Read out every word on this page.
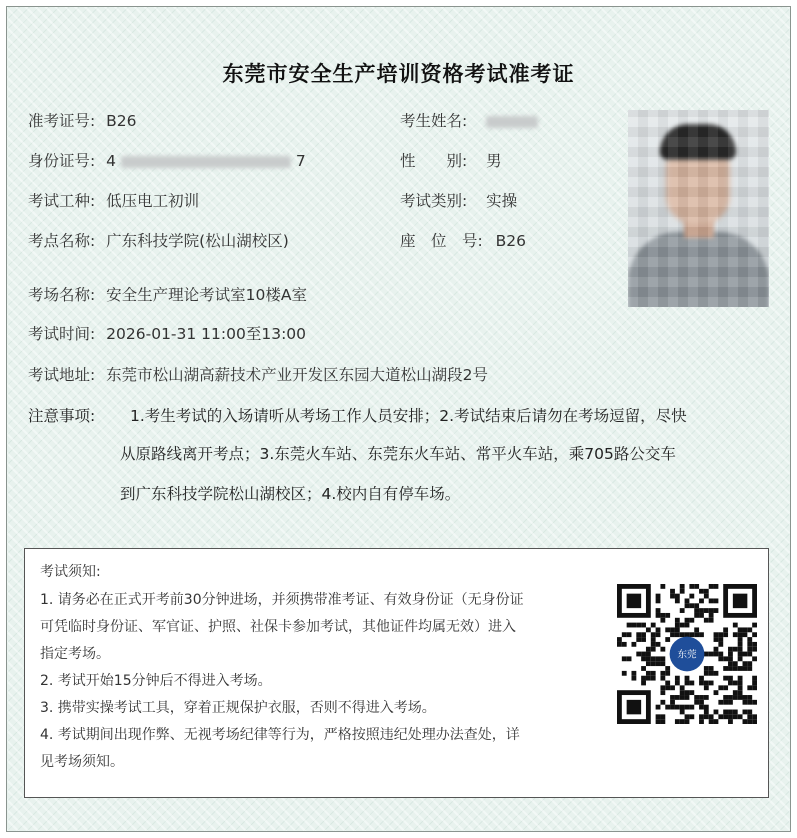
东莞市安全生产培训资格考试准考证
准考证号: B26	考生姓名:
身份证号: 4	7	性　　别: 男
考试工种: 低压电工初训	考试类别: 实操
考点名称: 广东科技学院(松山湖校区)	座　位　号: B26
考场名称: 安全生产理论考试室10楼A室
考试时间: 2026-01-31 11:00至13:00
考试地址: 东莞市松山湖高薪技术产业开发区东园大道松山湖段2号
注意事项: 1.考生考试的入场请听从考场工作人员安排；2.考试结束后请勿在考场逗留，尽快
从原路线离开考点；3.东莞火车站、东莞东火车站、常平火车站，乘705路公交车
到广东科技学院松山湖校区；4.校内自有停车场。
考试须知:

1. 请务必在正式开考前30分钟进场，并须携带准考证、有效身份证（无身份证

可凭临时身份证、军官证、护照、社保卡参加考试，其他证件均属无效）进入

指定考场。

2. 考试开始15分钟后不得进入考场。

3. 携带实操考试工具，穿着正规保护衣服，否则不得进入考场。

4. 考试期间出现作弊、无视考场纪律等行为，严格按照违纪处理办法查处，详

见考场须知。

东莞
